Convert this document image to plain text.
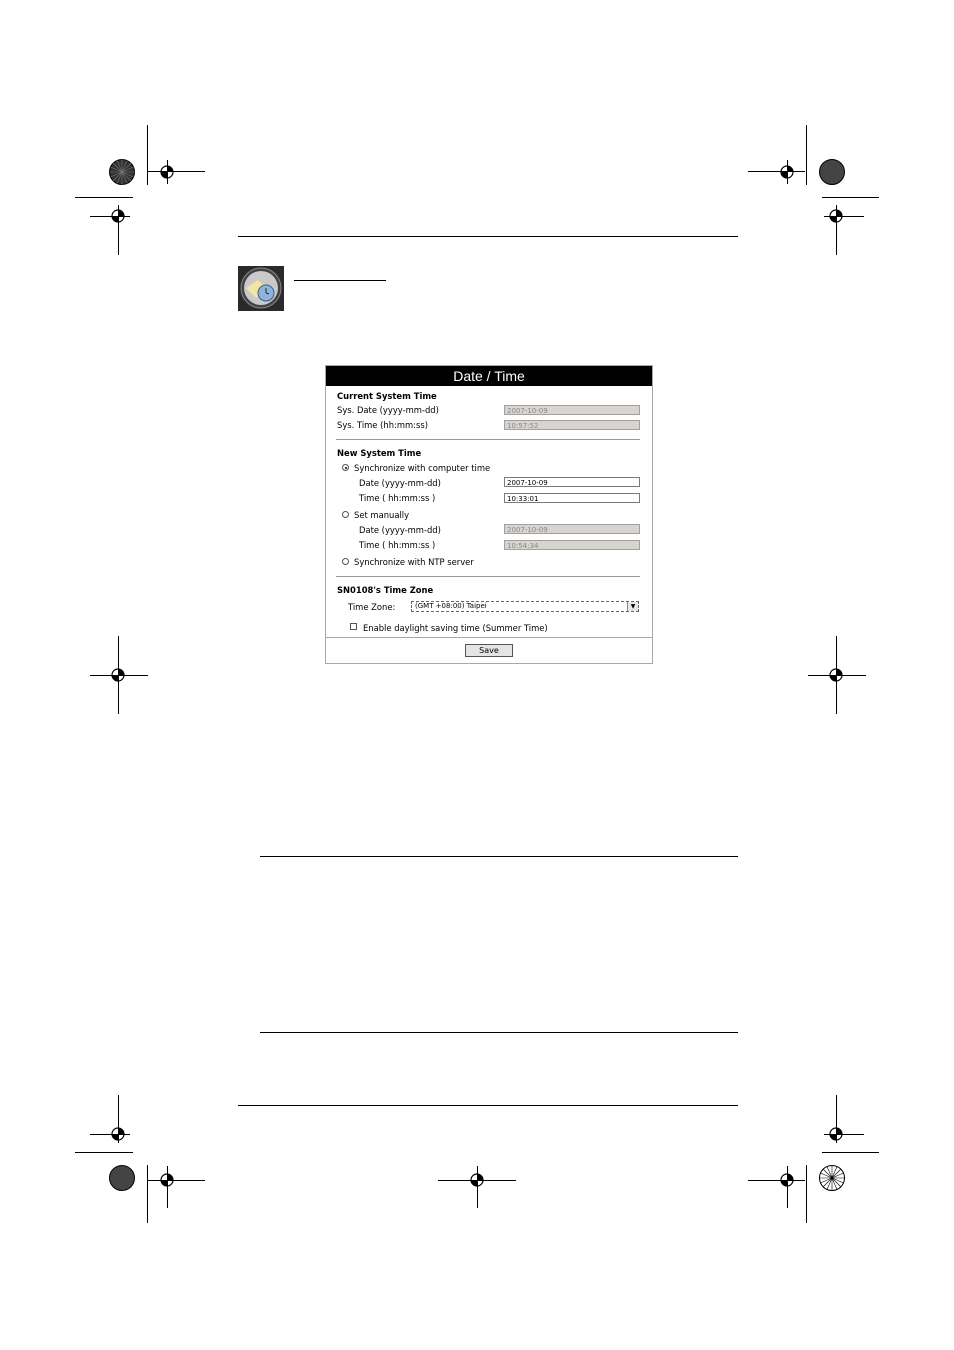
Date / Time
Current System Time
Sys. Date (yyyy-mm-dd)	2007-10-09
Sys. Time (hh:mm:ss)	10:57:52
New System Time
Synchronize with computer time
Date (yyyy-mm-dd)	2007-10-09
Time ( hh:mm:ss )	10:33:01
Set manually
Date (yyyy-mm-dd)	2007-10-09
Time ( hh:mm:ss )	10:54:34
Synchronize with NTP server
SN0108's Time Zone
Time Zone:	(GMT +08:00) Taipei	▼
Enable daylight saving time (Summer Time)
Save
